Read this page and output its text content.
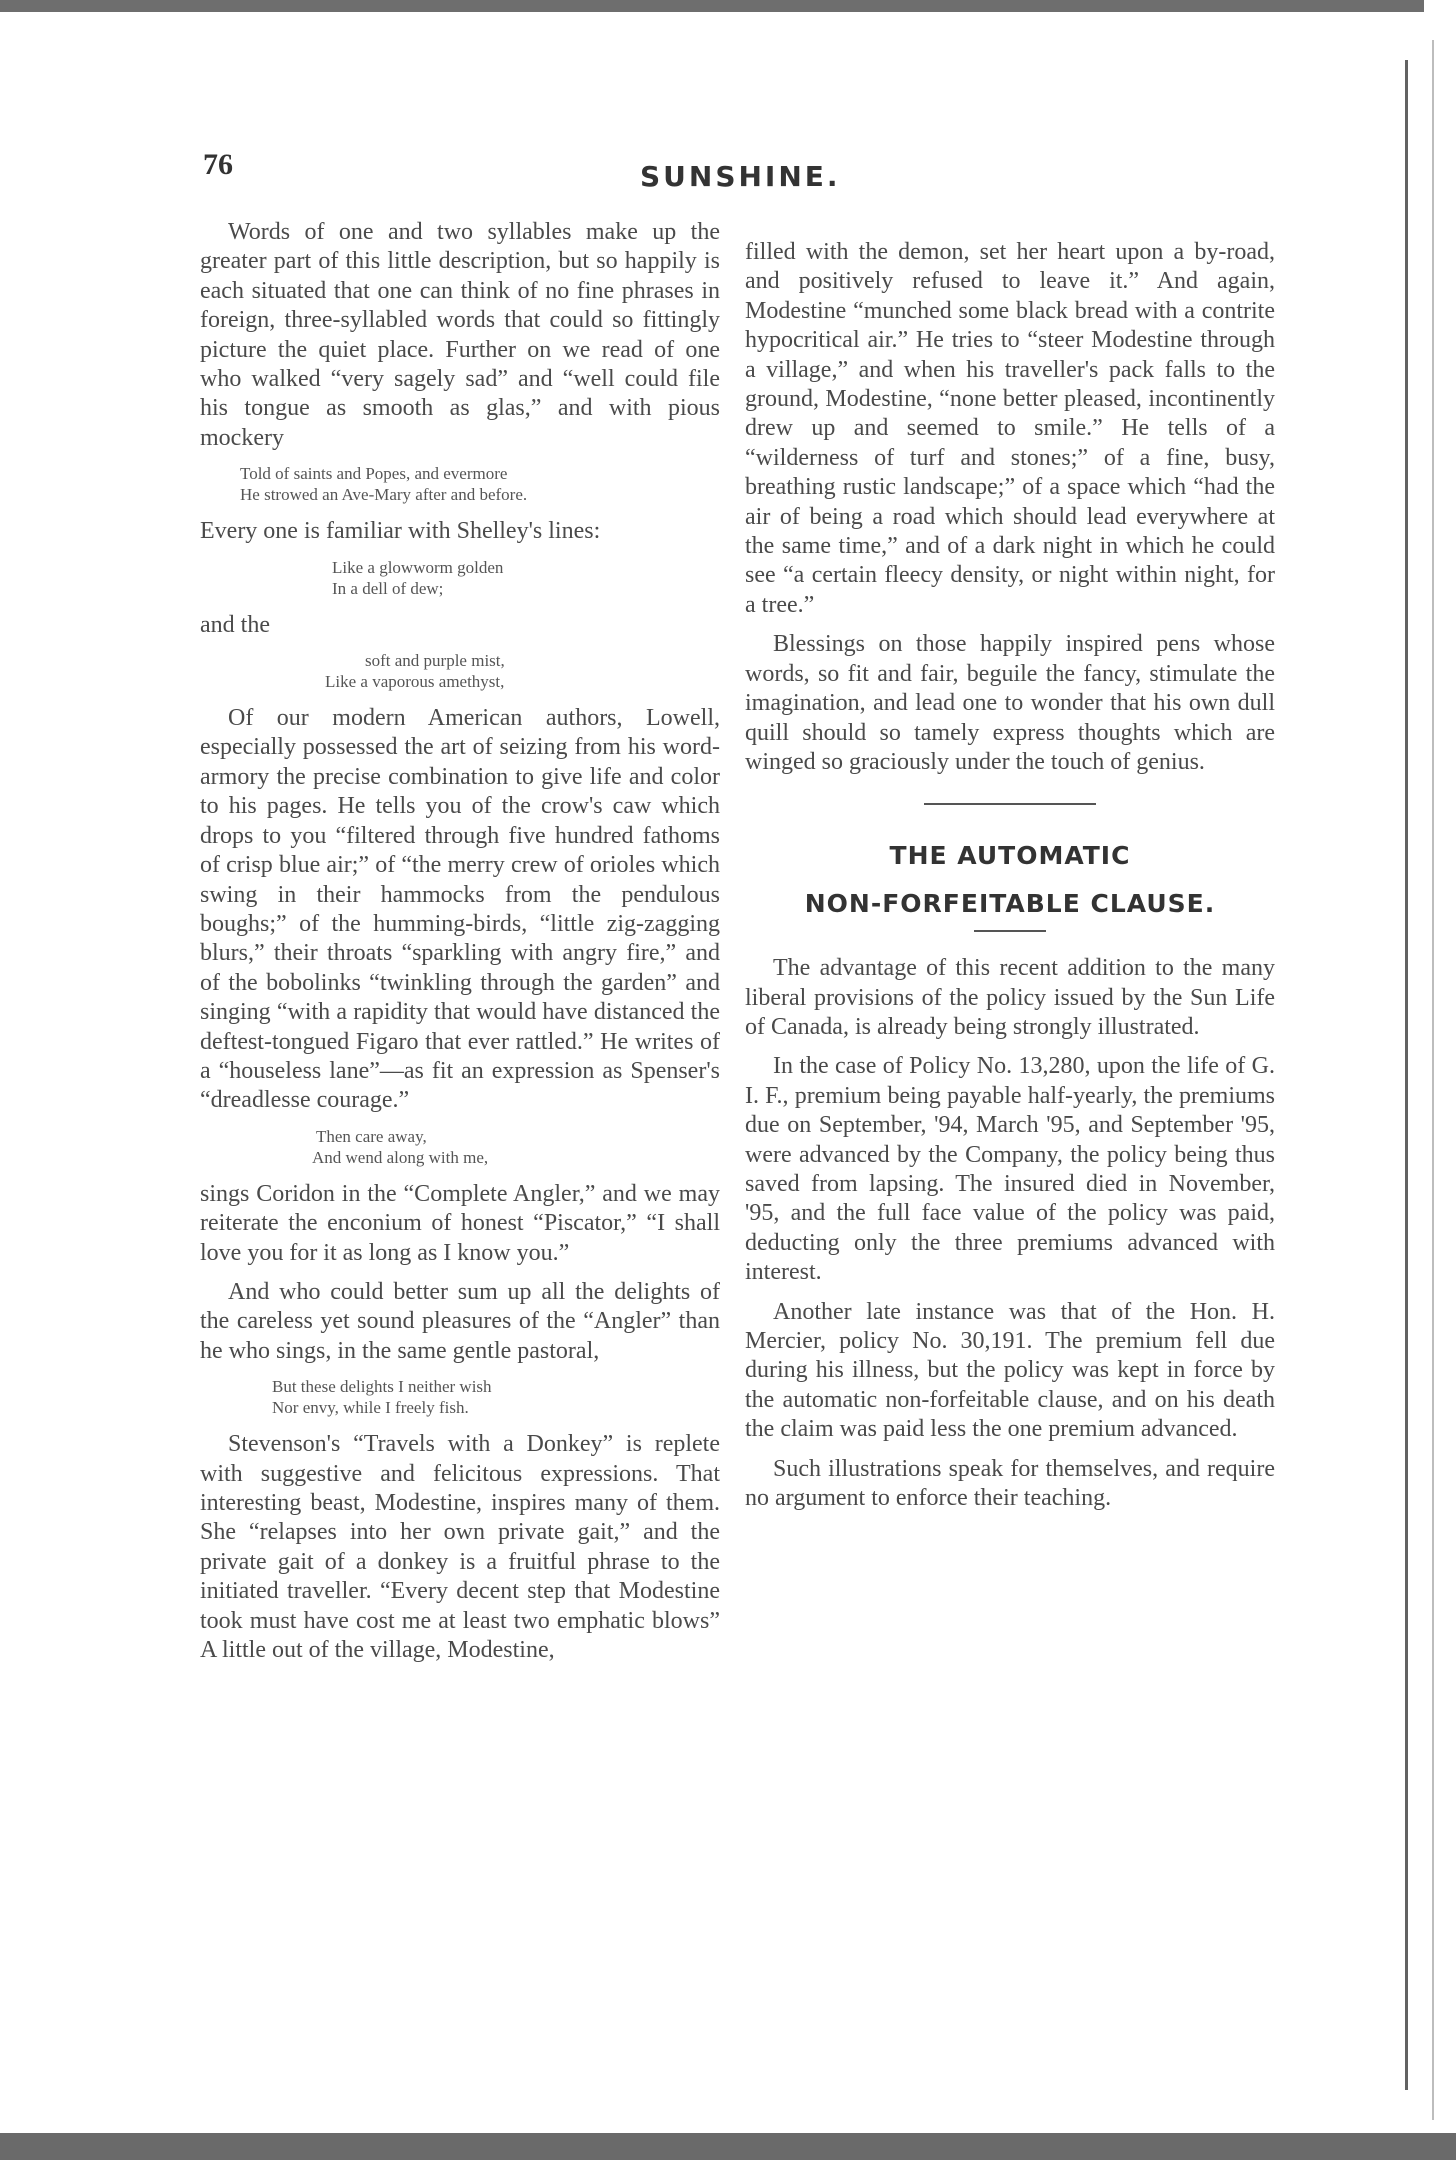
76	SUNSHINE.

Words of one and two syllables make up the greater part of this little description, but so happily is each situated that one can think of no fine phrases in foreign, three-syllabled words that could so fittingly picture the quiet place. Further on we read of one who walked “very sagely sad” and “well could file his tongue as smooth as glas,” and with pious mockery

Told of saints and Popes, and evermore
He strowed an Ave-Mary after and before.

Every one is familiar with Shelley's lines:

Like a glowworm golden
In a dell of dew;

and the

soft and purple mist,
Like a vaporous amethyst,

Of our modern American authors, Lowell, especially possessed the art of seizing from his word-armory the precise combination to give life and color to his pages. He tells you of the crow's caw which drops to you “filtered through five hundred fathoms of crisp blue air;” of “the merry crew of orioles which swing in their hammocks from the pendulous boughs;” of the humming-birds, “little zig-zagging blurs,” their throats “sparkling with angry fire,” and of the bobolinks “twinkling through the garden” and singing “with a rapidity that would have distanced the deftest-tongued Figaro that ever rattled.” He writes of a “houseless lane”—as fit an expression as Spenser's “dreadlesse courage.”

Then care away,
And wend along with me,

sings Coridon in the “Complete Angler,” and we may reiterate the enconium of honest “Piscator,” “I shall love you for it as long as I know you.”

And who could better sum up all the delights of the careless yet sound pleasures of the “Angler” than he who sings, in the same gentle pastoral,

But these delights I neither wish
Nor envy, while I freely fish.

Stevenson's “Travels with a Donkey” is replete with suggestive and felicitous expressions. That interesting beast, Modestine, inspires many of them. She “relapses into her own private gait,” and the private gait of a donkey is a fruitful phrase to the initiated traveller. “Every decent step that Modestine took must have cost me at least two emphatic blows” A little out of the village, Modestine,

filled with the demon, set her heart upon a by-road, and positively refused to leave it.” And again, Modestine “munched some black bread with a contrite hypocritical air.” He tries to “steer Modestine through a village,” and when his traveller's pack falls to the ground, Modestine, “none better pleased, incontinently drew up and seemed to smile.” He tells of a “wilderness of turf and stones;” of a fine, busy, breathing rustic landscape;” of a space which “had the air of being a road which should lead everywhere at the same time,” and of a dark night in which he could see “a certain fleecy density, or night within night, for a tree.”

Blessings on those happily inspired pens whose words, so fit and fair, beguile the fancy, stimulate the imagination, and lead one to wonder that his own dull quill should so tamely express thoughts which are winged so graciously under the touch of genius.

THE AUTOMATIC
NON-FORFEITABLE CLAUSE.

The advantage of this recent addition to the many liberal provisions of the policy issued by the Sun Life of Canada, is already being strongly illustrated.

In the case of Policy No. 13,280, upon the life of G. I. F., premium being payable half-yearly, the premiums due on September, '94, March '95, and September '95, were advanced by the Company, the policy being thus saved from lapsing. The insured died in November, '95, and the full face value of the policy was paid, deducting only the three premiums advanced with interest.

Another late instance was that of the Hon. H. Mercier, policy No. 30,191. The premium fell due during his illness, but the policy was kept in force by the automatic non-forfeitable clause, and on his death the claim was paid less the one premium advanced.

Such illustrations speak for themselves, and require no argument to enforce their teaching.
